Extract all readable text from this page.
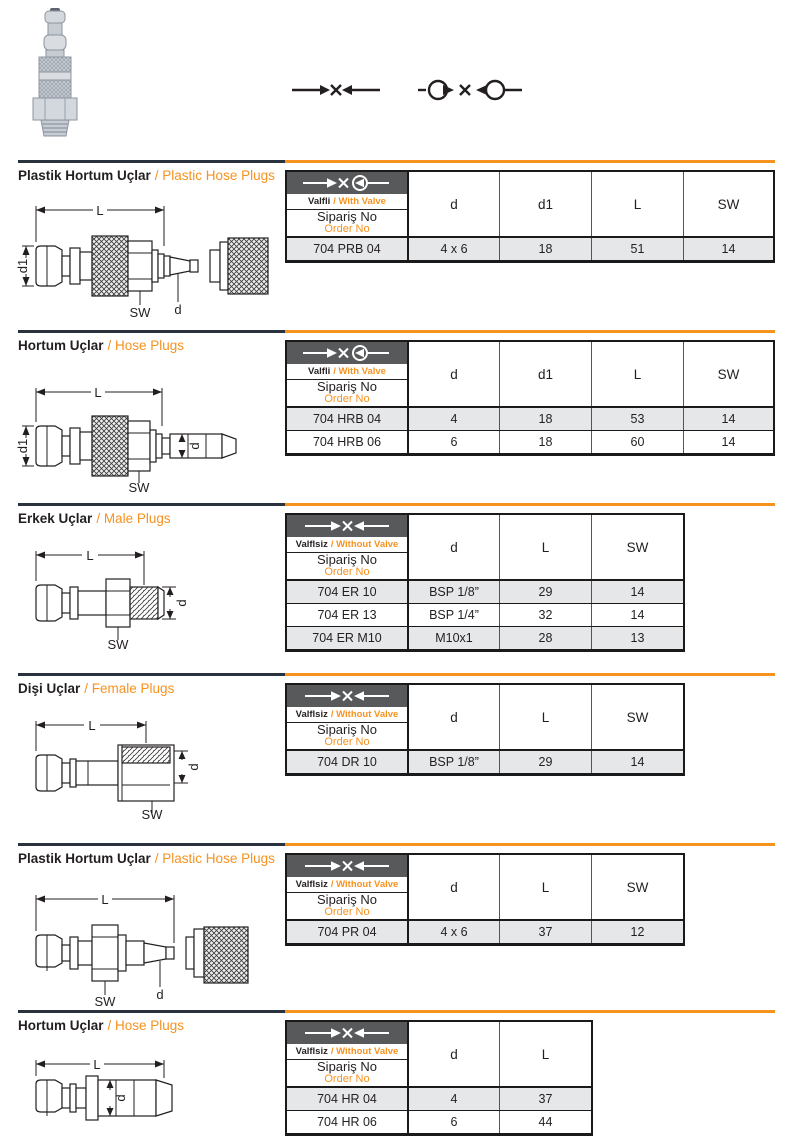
Plastik Hortum Uçlar / Plastic Hose Plugs
L
d1
d
SW
Valfli / With Valve
Sipariş No
Order No
d	d1	L	SW
704 PRB 04	4 x 6	18	51	14
Hortum Uçlar / Hose Plugs
L
d1	d
SW
Valfli / With Valve
Sipariş No
Order No
d	d1	L	SW
704 HRB 04	4	18	53	14
704 HRB 06	6	18	60	14
Erkek Uçlar / Male Plugs
L
d
SW
Valflsiz / Without Valve
Sipariş No
Order No
d	L	SW
704 ER 10	BSP 1/8”	29	14
704 ER 13	BSP 1/4”	32	14
704 ER M10	M10x1	28	13
Dişi Uçlar / Female Plugs
L
d
SW
Valflsiz / Without Valve
Sipariş No
Order No
d	L	SW
704 DR 10	BSP 1/8”	29	14
Plastik Hortum Uçlar / Plastic Hose Plugs
L
d
SW
Valflsiz / Without Valve
Sipariş No
Order No
d	L	SW
704 PR 04	4 x 6	37	12
Hortum Uçlar / Hose Plugs
L
d
Valflsiz / Without Valve
Sipariş No
Order No
d	L
704 HR 04	4	37
704 HR 06	6	44
